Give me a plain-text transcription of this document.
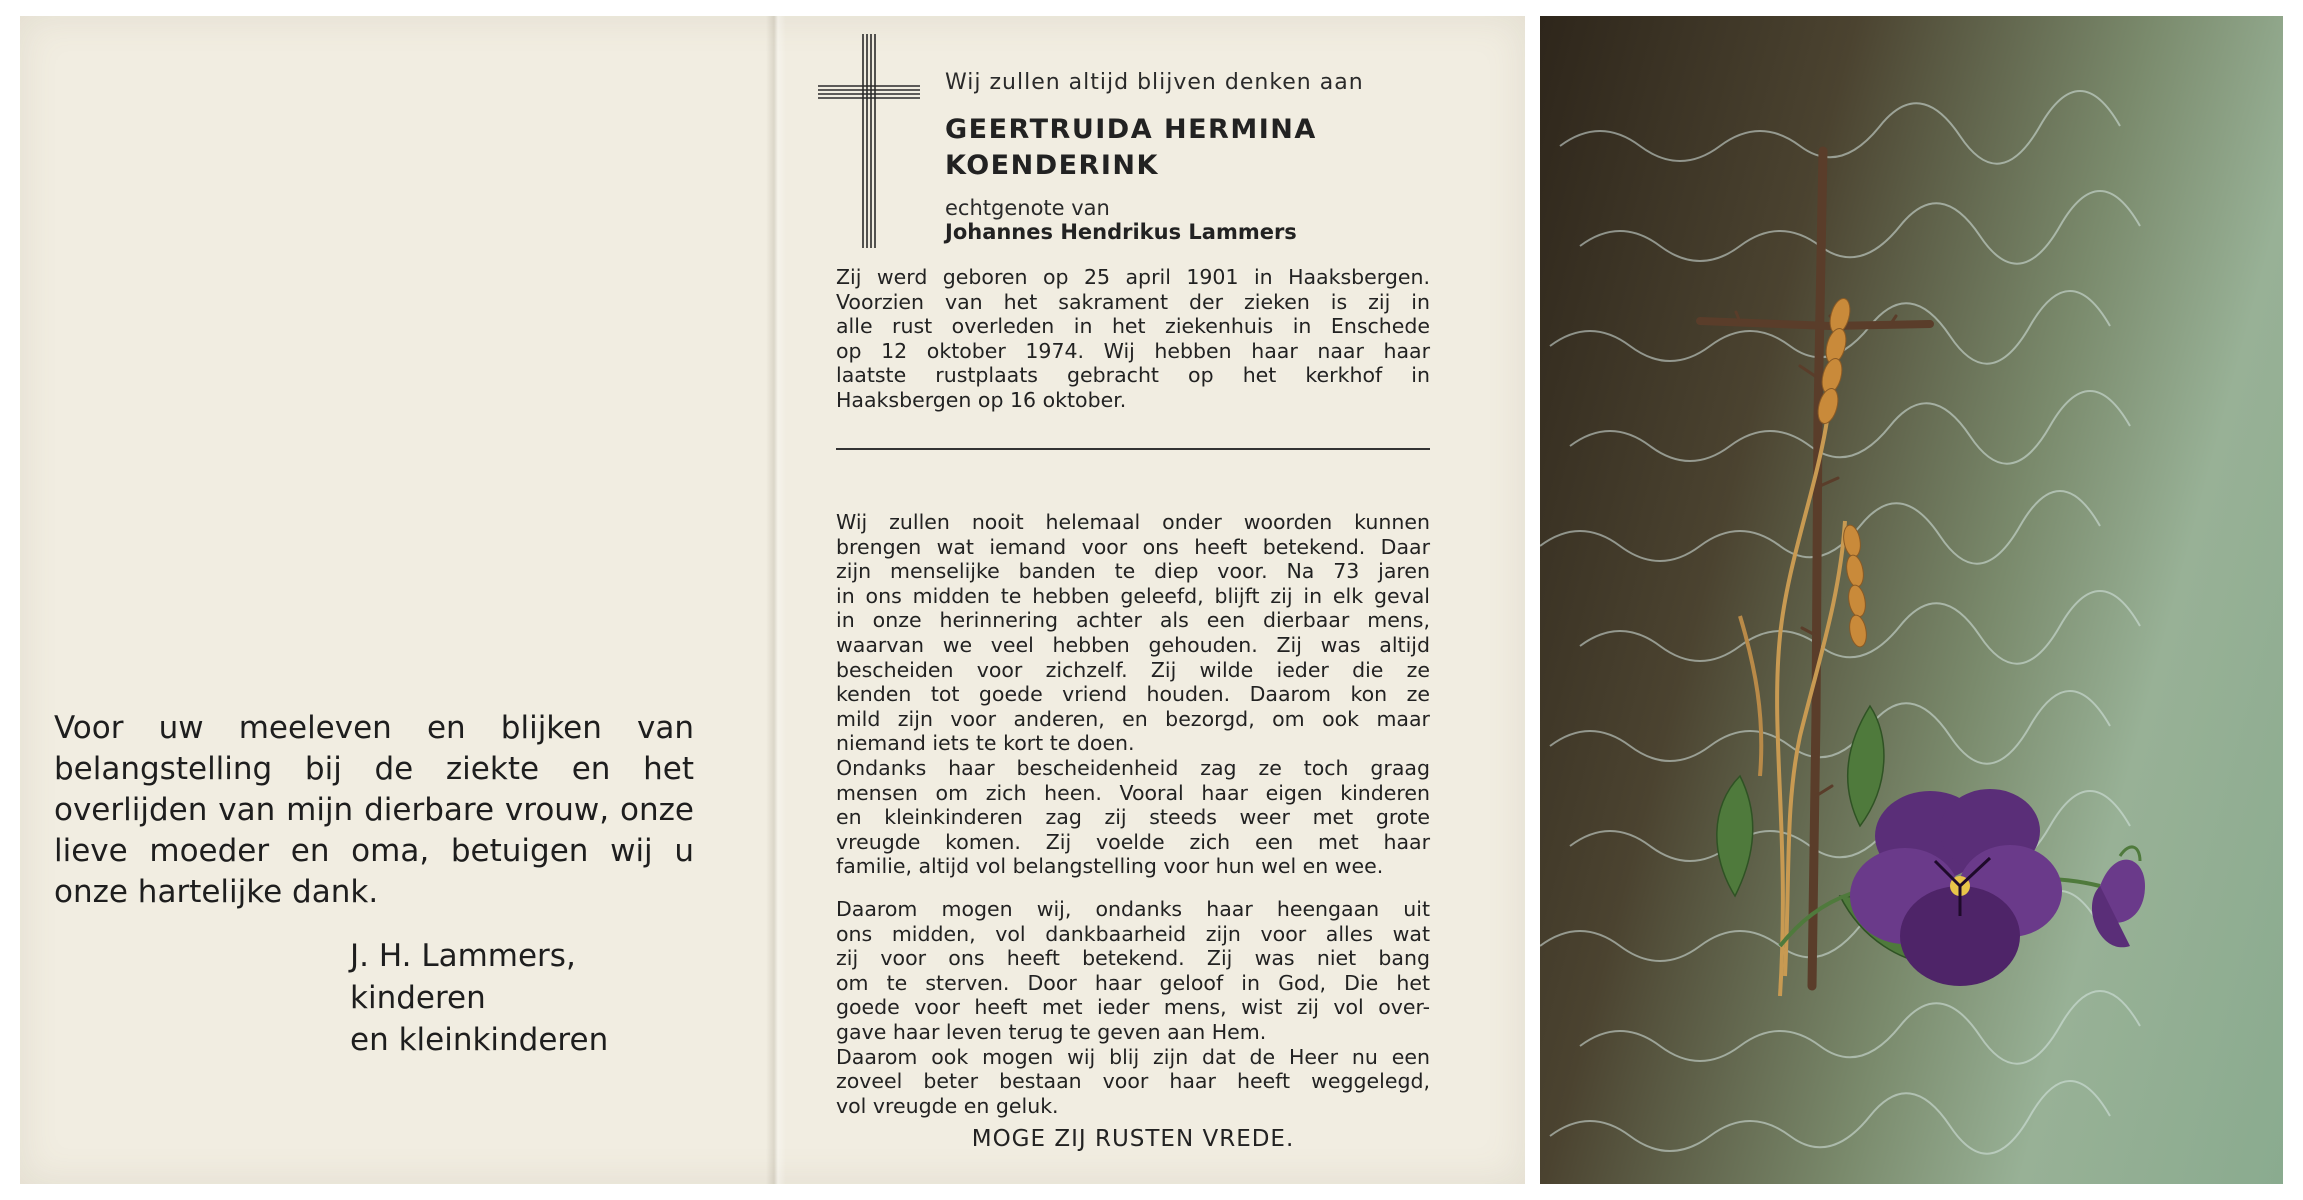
Voor uw meeleven en blijken van belangstelling bij de ziekte en het overlijden van mijn dierbare vrouw, onze lieve moeder en oma, betuigen wij u onze hartelijke dank.
J. H. Lammers,
kinderen
en kleinkinderen
Wij zullen altijd blijven denken aan
GEERTRUIDA HERMINA
KOENDERINK
echtgenote van
Johannes Hendrikus Lammers
Zij werd geboren op 25 april 1901 in Haaksbergen.
Voorzien van het sakrament der zieken is zij in
alle rust overleden in het ziekenhuis in Enschede
op 12 oktober 1974. Wij hebben haar naar haar
laatste rustplaats gebracht op het kerkhof in
Haaksbergen op 16 oktober.
Wij zullen nooit helemaal onder woorden kunnen
brengen wat iemand voor ons heeft betekend. Daar
zijn menselijke banden te diep voor. Na 73 jaren
in ons midden te hebben geleefd, blijft zij in elk geval
in onze herinnering achter als een dierbaar mens,
waarvan we veel hebben gehouden. Zij was altijd
bescheiden voor zichzelf. Zij wilde ieder die ze
kenden tot goede vriend houden. Daarom kon ze
mild zijn voor anderen, en bezorgd, om ook maar
niemand iets te kort te doen.
Ondanks haar bescheidenheid zag ze toch graag
mensen om zich heen. Vooral haar eigen kinderen
en kleinkinderen zag zij steeds weer met grote
vreugde komen. Zij voelde zich een met haar
familie, altijd vol belangstelling voor hun wel en wee.
Daarom mogen wij, ondanks haar heengaan uit
ons midden, vol dankbaarheid zijn voor alles wat
zij voor ons heeft betekend. Zij was niet bang
om te sterven. Door haar geloof in God, Die het
goede voor heeft met ieder mens, wist zij vol over-
gave haar leven terug te geven aan Hem.
Daarom ook mogen wij blij zijn dat de Heer nu een
zoveel beter bestaan voor haar heeft weggelegd,
vol vreugde en geluk.
MOGE ZIJ RUSTEN VREDE.
